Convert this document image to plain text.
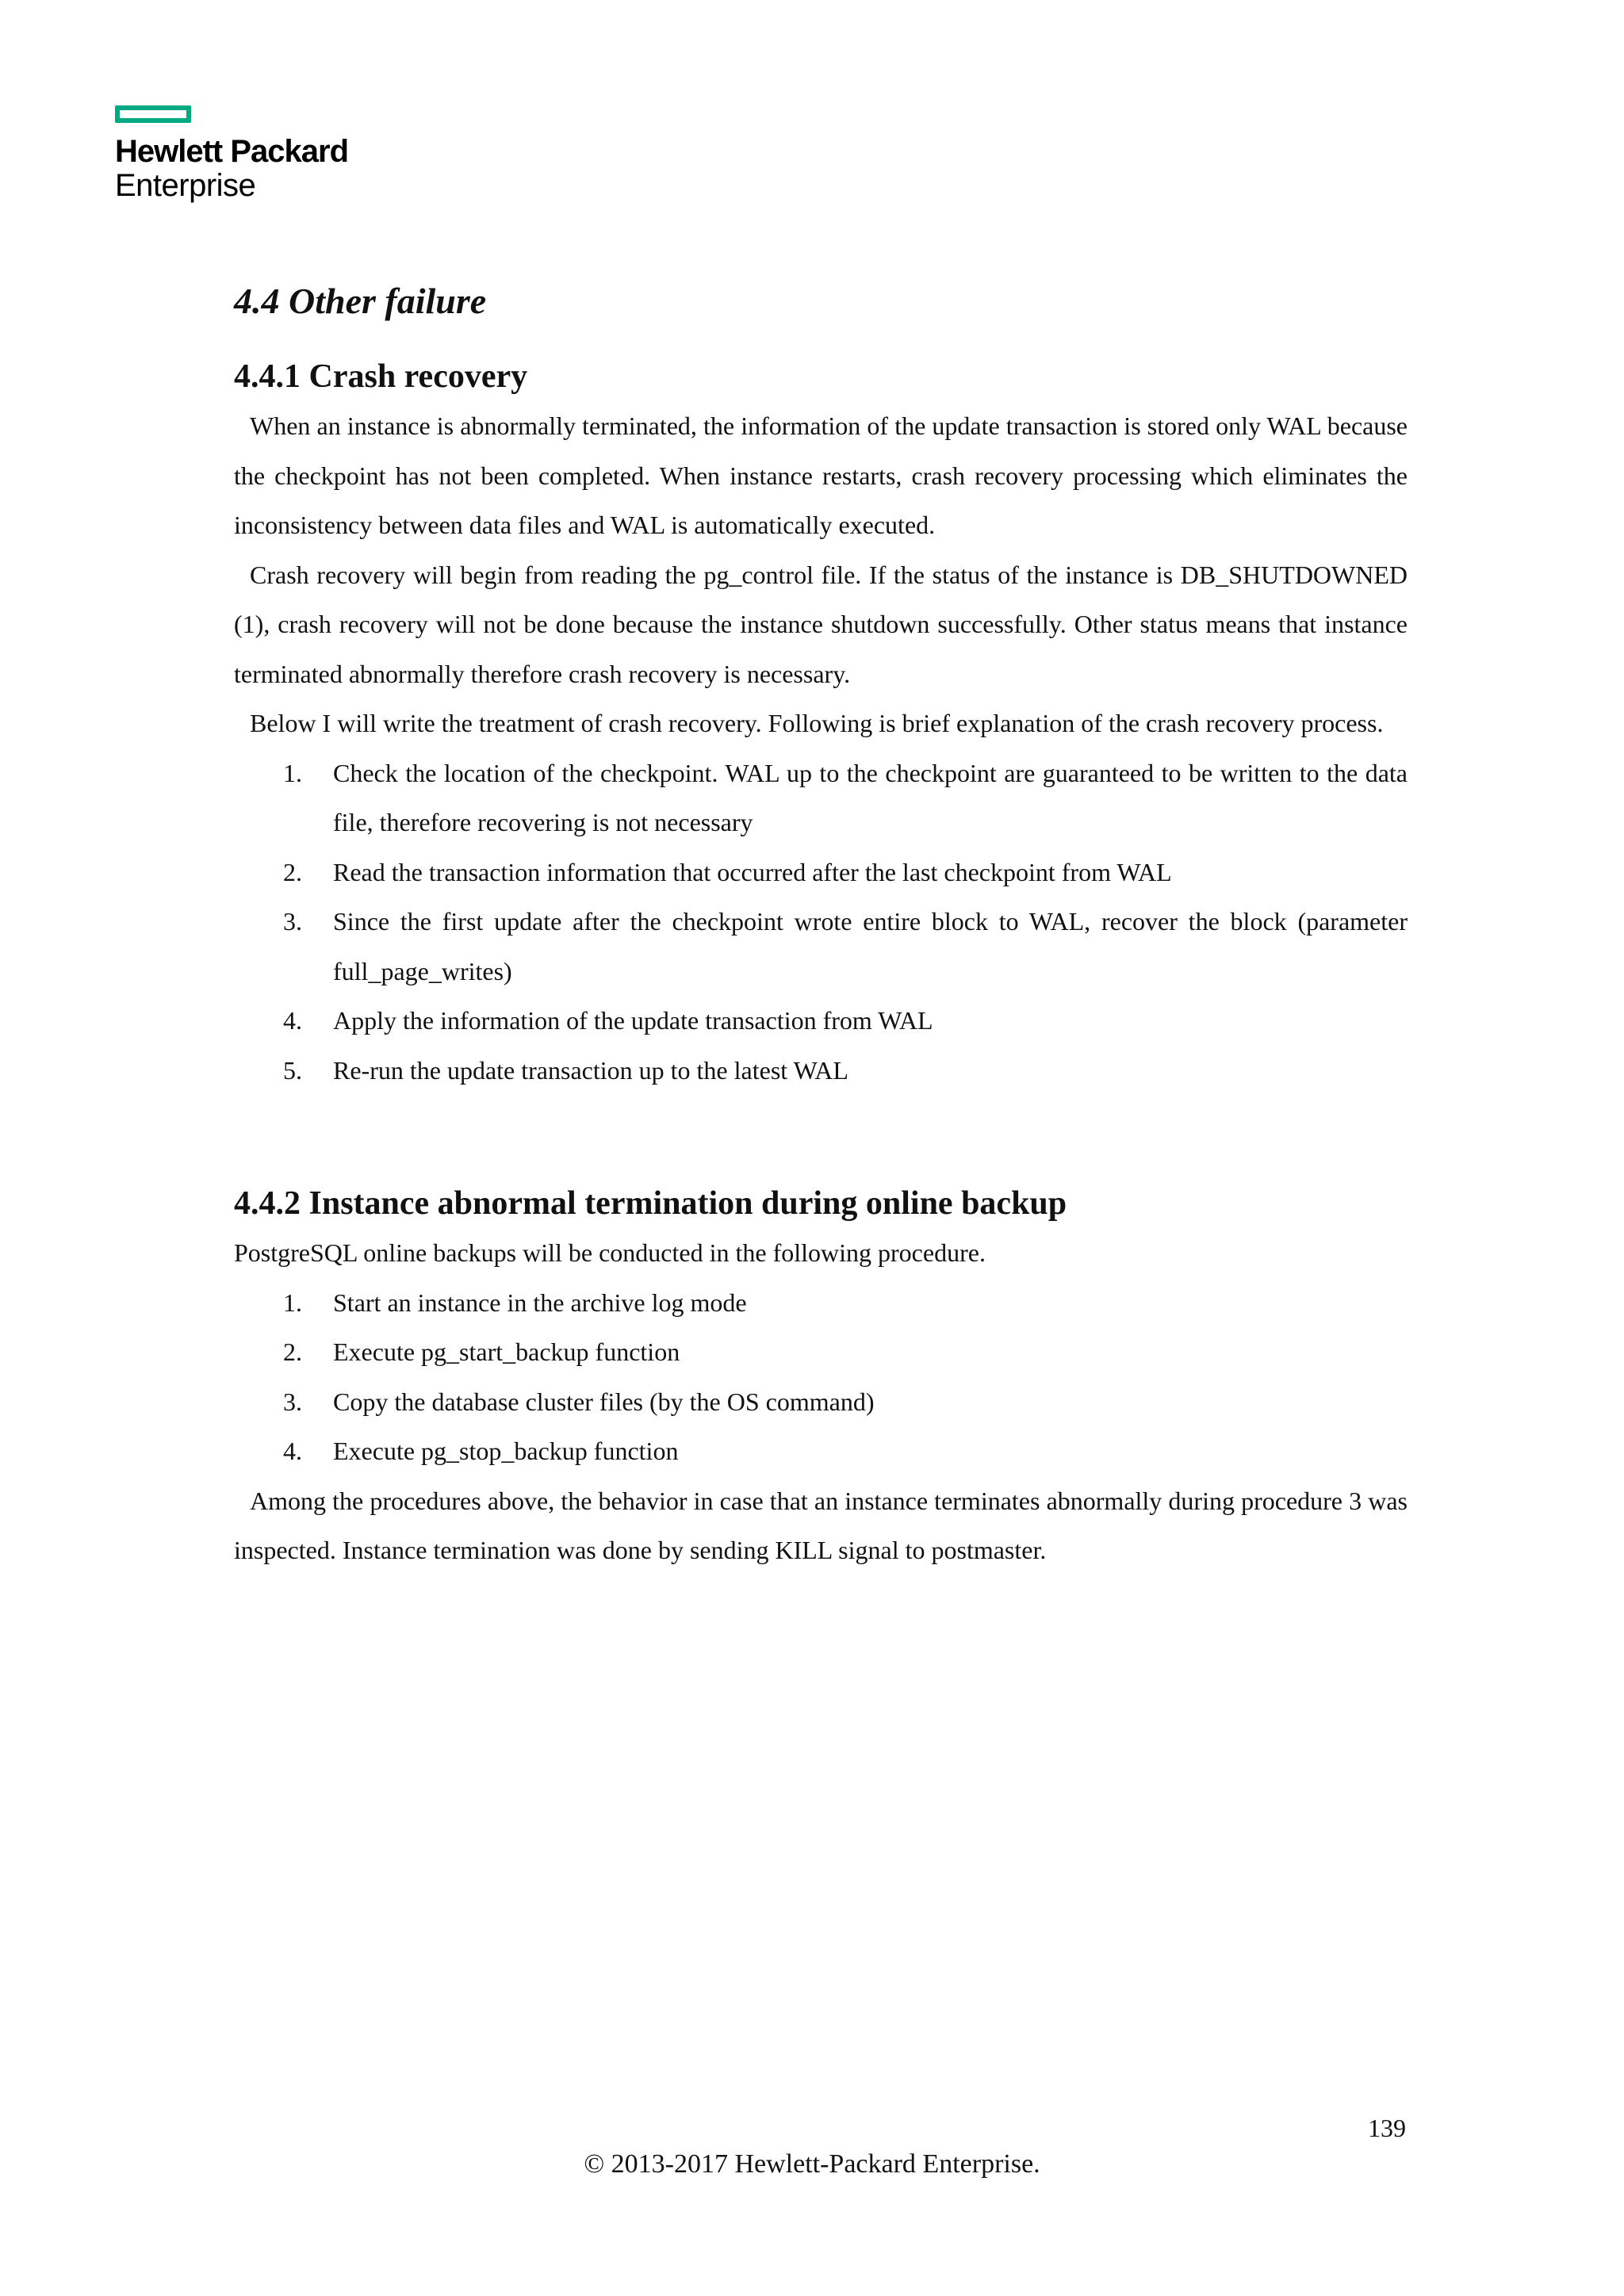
Hewlett Packard
Enterprise
4.4 Other failure
4.4.1 Crash recovery

When an instance is abnormally terminated, the information of the update transaction is stored only WAL because the checkpoint has not been completed. When instance restarts, crash recovery processing which eliminates the inconsistency between data files and WAL is automatically executed.

Crash recovery will begin from reading the pg_control file. If the status of the instance is DB_SHUTDOWNED (1), crash recovery will not be done because the instance shutdown successfully. Other status means that instance terminated abnormally therefore crash recovery is necessary.

Below I will write the treatment of crash recovery. Following is brief explanation of the crash recovery process.

1. Check the location of the checkpoint. WAL up to the checkpoint are guaranteed to be written to the data file, therefore recovering is not necessary
2. Read the transaction information that occurred after the last checkpoint from WAL
3. Since the first update after the checkpoint wrote entire block to WAL, recover the block (parameter full_page_writes)
4. Apply the information of the update transaction from WAL
5. Re-run the update transaction up to the latest WAL
4.4.2 Instance abnormal termination during online backup

PostgreSQL online backups will be conducted in the following procedure.

1. Start an instance in the archive log mode
2. Execute pg_start_backup function
3. Copy the database cluster files (by the OS command)
4. Execute pg_stop_backup function

Among the procedures above, the behavior in case that an instance terminates abnormally during procedure 3 was inspected. Instance termination was done by sending KILL signal to postmaster.

139
© 2013-2017 Hewlett-Packard Enterprise.
